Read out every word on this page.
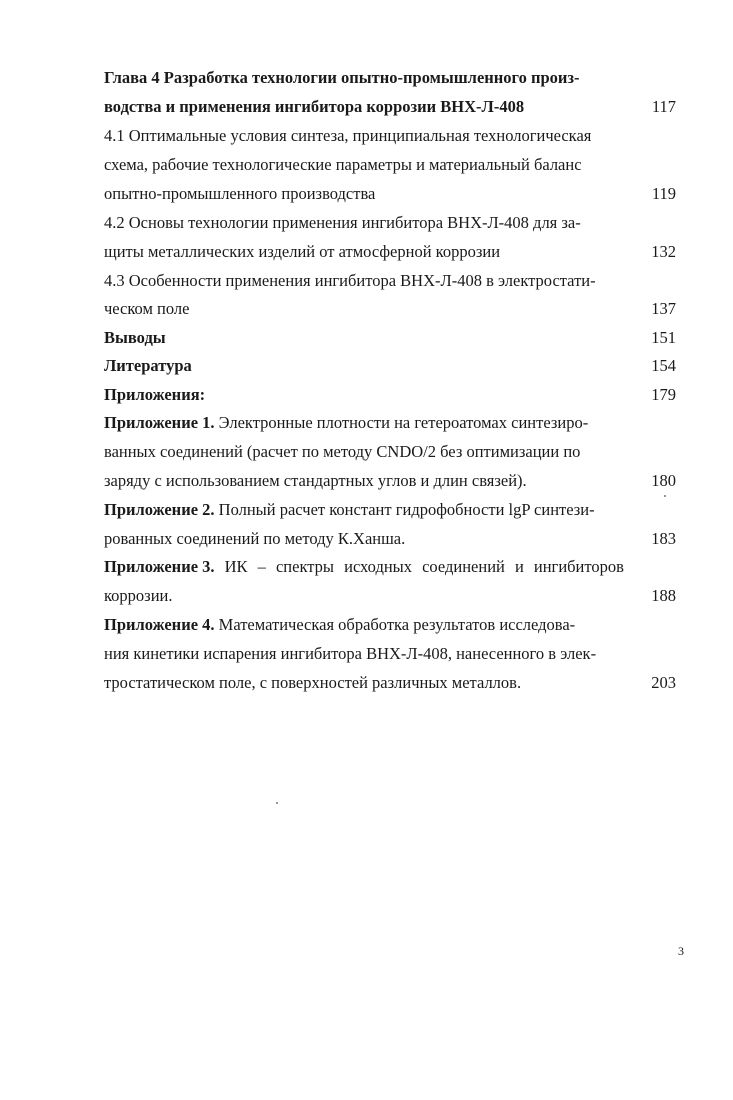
Глава 4 Разработка технологии опытно-промышленного произ-
водства и применения ингибитора коррозии ВНХ-Л-408	117
4.1 Оптимальные условия синтеза, принципиальная технологическая
схема, рабочие технологические параметры и материальный баланс
опытно-промышленного производства	119
4.2 Основы технологии применения ингибитора ВНХ-Л-408 для за-
щиты металлических изделий от атмосферной коррозии	132
4.3 Особенности применения ингибитора ВНХ-Л-408 в электростати-
ческом поле	137
Выводы	151
Литература	154
Приложения:	179
Приложение 1. Электронные плотности на гетероатомах синтезиро-
ванных соединений (расчет по методу CNDO/2 без оптимизации по
заряду с использованием стандартных углов и длин связей).	180
Приложение 2. Полный расчет констант гидрофобности lgP синтези-
рованных соединений по методу К.Ханша.	183
Приложение 3. ИК – спектры исходных соединений и ингибиторов
коррозии.	188
Приложение 4. Математическая обработка результатов исследова-
ния кинетики испарения ингибитора ВНХ-Л-408, нанесенного в элек-
тростатическом поле, с поверхностей различных металлов.	203
3
